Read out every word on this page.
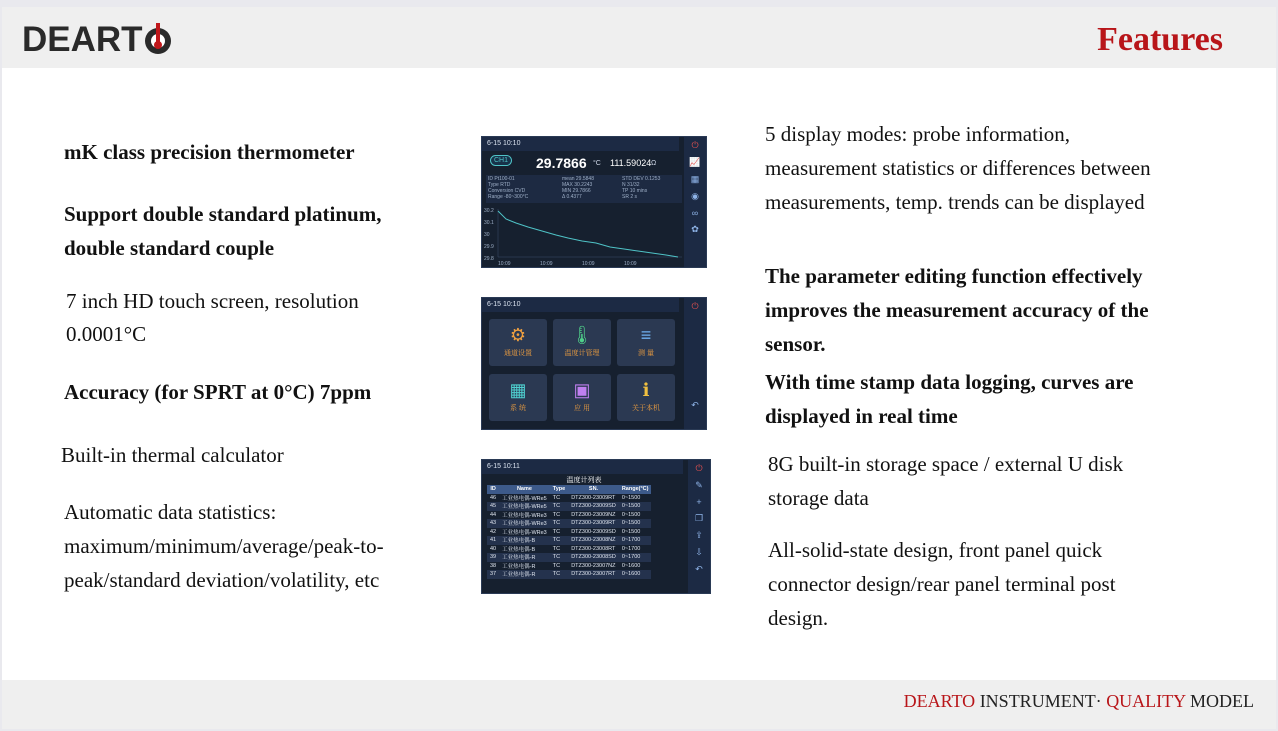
DEART	Features
mK class precision thermometer
Support double standard platinum,
double standard couple
7 inch HD touch screen, resolution
0.0001°C
Accuracy (for SPRT at 0°C) 7ppm
Built-in thermal calculator
Automatic data statistics:
maximum/minimum/average/peak-to-
peak/standard deviation/volatility, etc
6-15 10:10	⏻
📈
▦
◉
∞
✿
CH1 29.7866 °C 111.59024 Ω
ID Pt100-01
Type RTD
Conversion CVD
Range -80~300°C
mean 29.5848
MAX 30.2243
MIN 29.7866
Δ 0.4377
STD DEV 0.1253
N 31/32
TP 10 mins
SR 2 s
30.2
30.1
30
29.9
29.8
10:09	10:09	10:09	10:09
6-15 10:10	⏻
↶
⚙
通道设置
🌡
温度计管理
≡
测 量
▦
系 统
▣
应 用
ℹ
关于本机
6-15 10:11	⏻
✎
+
❐
⇪
⇩
↶
温度计列表
ID	Name	Type	SN.	Range(°C)
46	工业热电偶-WRe5	TC	DTZ300-23009RT	0~1500
45	工业热电偶-WRe5	TC	DTZ300-23009SD	0~1500
44	工业热电偶-WRe3	TC	DTZ300-23009NZ	0~1500
43	工业热电偶-WRe3	TC	DTZ300-23009RT	0~1500
42	工业热电偶-WRe3	TC	DTZ300-23009SD	0~1500
41	工业热电偶-B	TC	DTZ300-23008NZ	0~1700
40	工业热电偶-B	TC	DTZ300-23008RT	0~1700
39	工业热电偶-R	TC	DTZ300-23008SD	0~1700
38	工业热电偶-R	TC	DTZ300-23007NZ	0~1600
37	工业热电偶-R	TC	DTZ300-23007RT	0~1600
5 display modes: probe information,
measurement statistics or differences between
measurements, temp. trends can be displayed
The parameter editing function effectively
improves the measurement accuracy of the
sensor.
With time stamp data logging, curves are
displayed in real time
8G built-in storage space / external U disk
storage data
All-solid-state design, front panel quick
connector design/rear panel terminal post
design.
DEARTO INSTRUMENT· QUALITY MODEL
